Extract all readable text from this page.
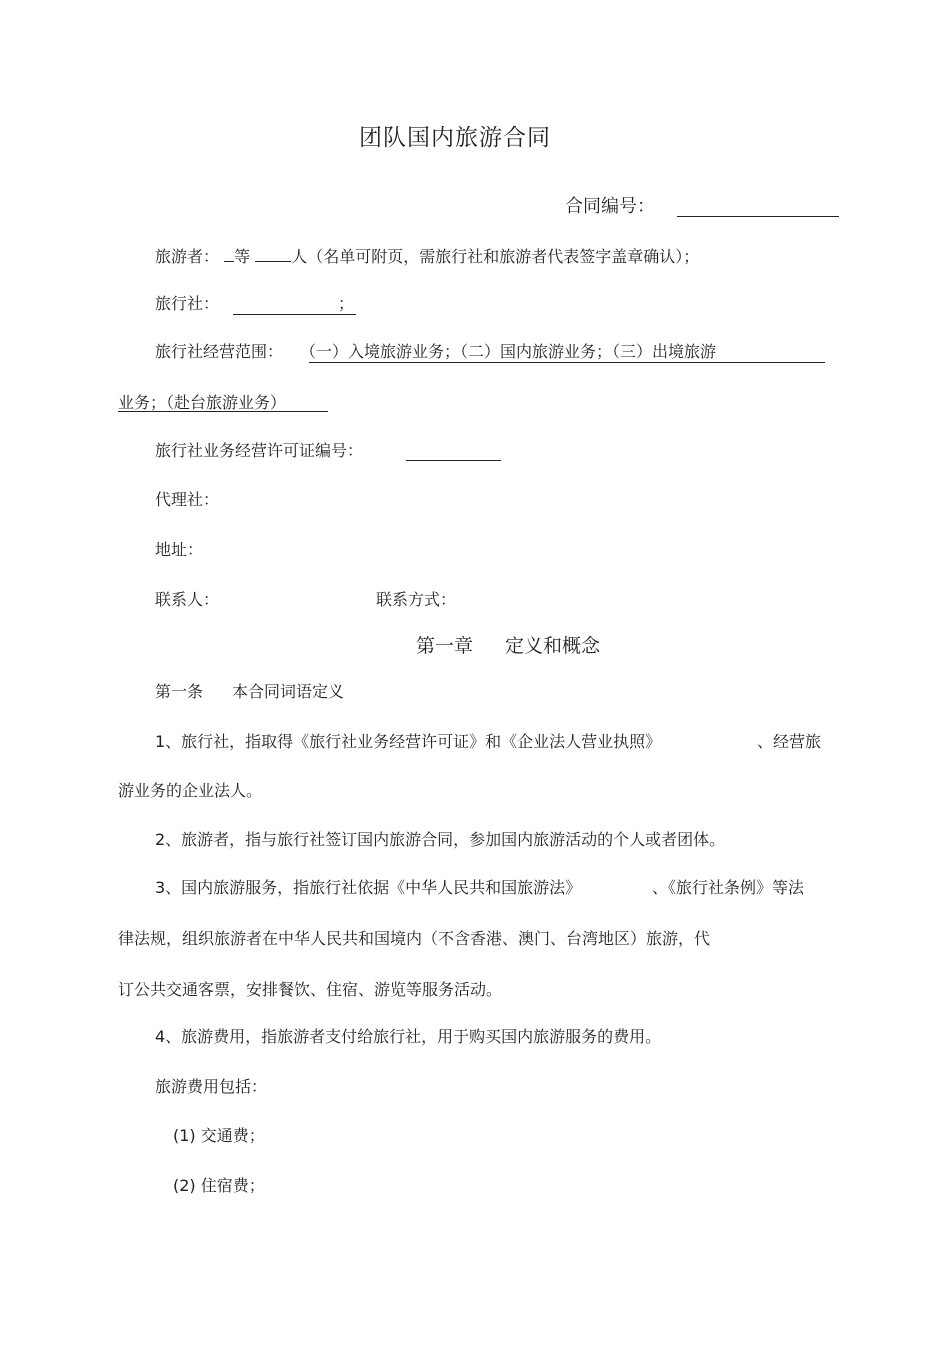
团队国内旅游合同
合同编号：
旅游者： 等	人（名单可附页，需旅行社和旅游者代表签字盖章确认）；
旅行社：	；
旅行社经营范围： （一）入境旅游业务；（二）国内旅游业务；（三）出境旅游
业务；（赴台旅游业务）
旅行社业务经营许可证编号：
代理社：
地址：
联系人：	联系方式：
第一章 定义和概念
第一条 本合同词语定义
1、旅行社，指取得《旅行社业务经营许可证》和《企业法人营业执照》	、经营旅
游业务的企业法人。
2、旅游者，指与旅行社签订国内旅游合同，参加国内旅游活动的个人或者团体。
3、国内旅游服务，指旅行社依据《中华人民共和国旅游法》	、《旅行社条例》等法
律法规，组织旅游者在中华人民共和国境内（不含香港、澳门、台湾地区）旅游，代
订公共交通客票，安排餐饮、住宿、游览等服务活动。
4、旅游费用，指旅游者支付给旅行社，用于购买国内旅游服务的费用。
旅游费用包括：
(1) 交通费；
(2) 住宿费；
